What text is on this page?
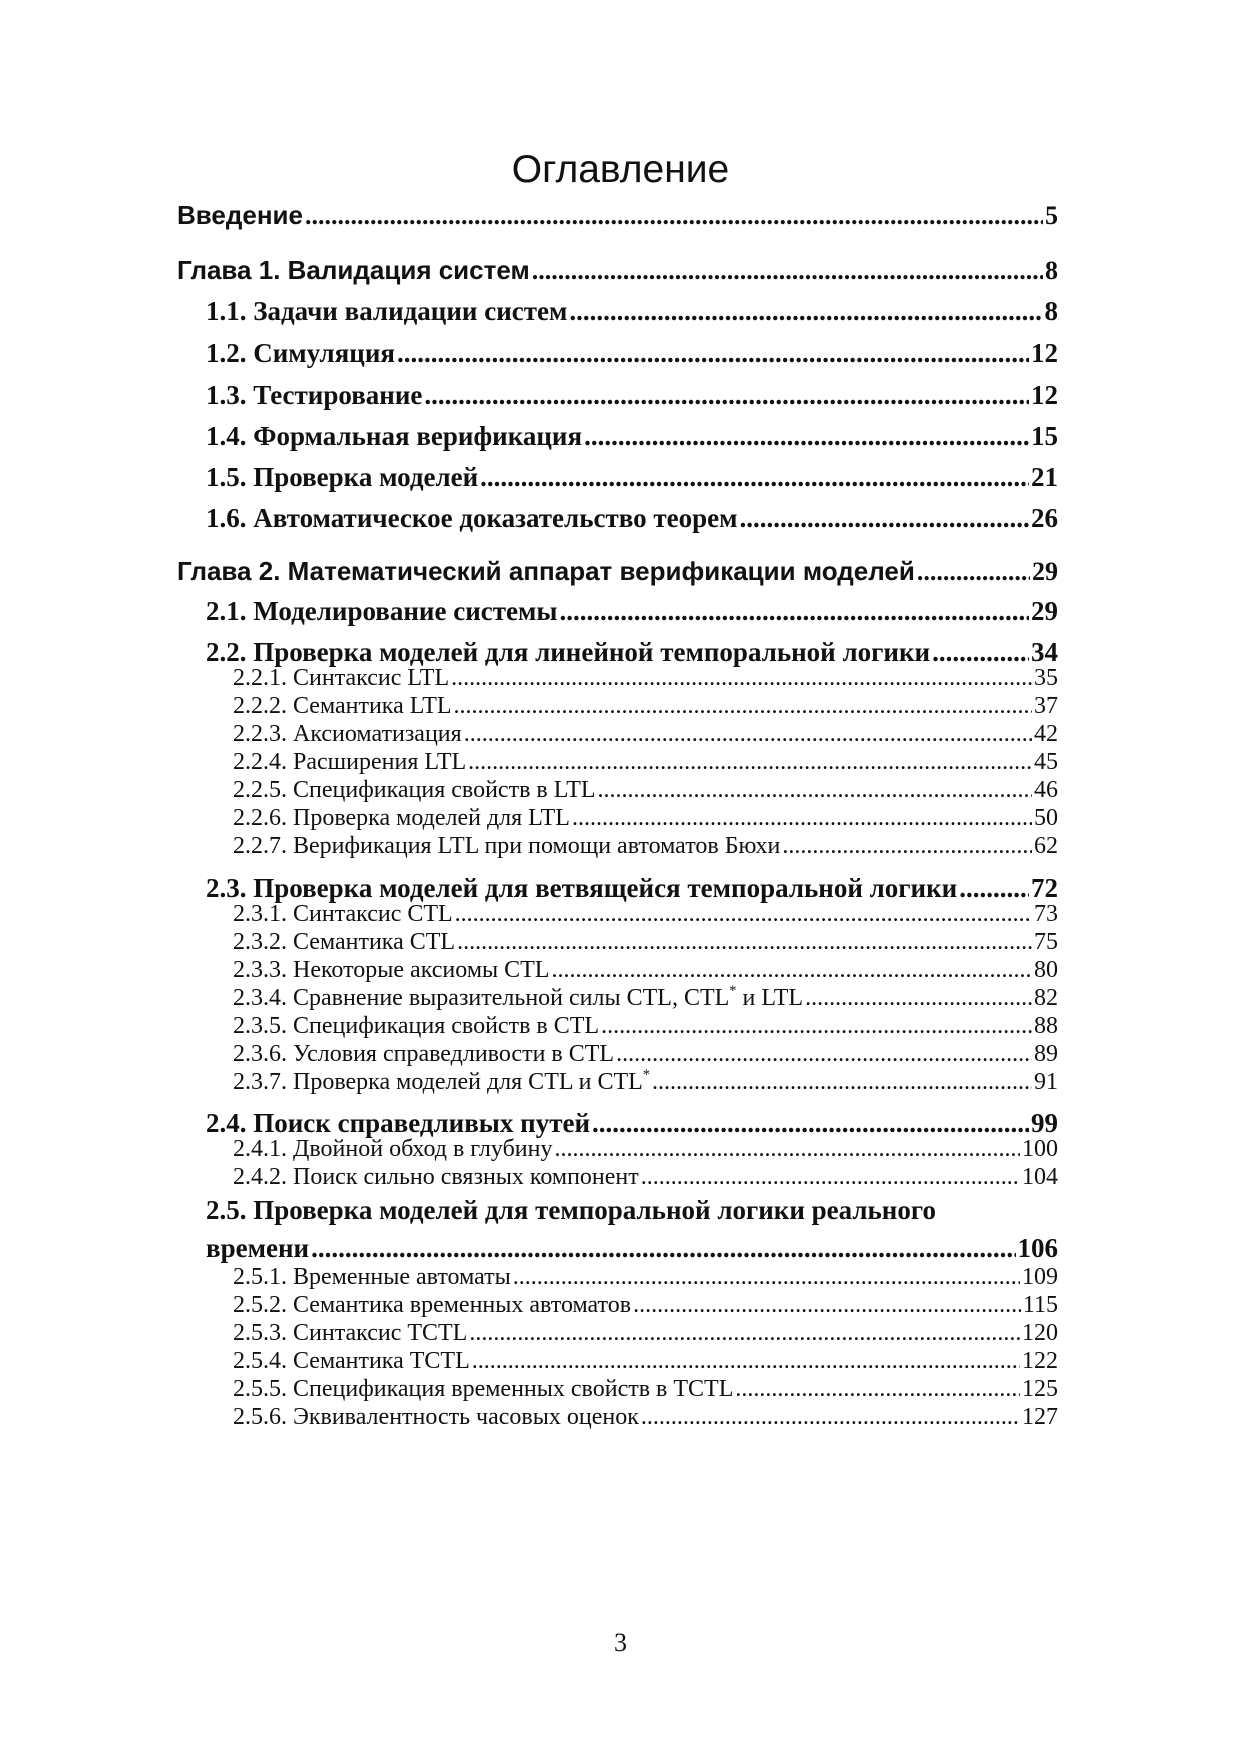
Оглавление
Введение .....	5
Глава 1. Валидация систем .....	8
1.1. Задачи валидации систем .....	8
1.2. Симуляция .....	12
1.3. Тестирование .....	12
1.4. Формальная верификация .....	15
1.5. Проверка моделей .....	21
1.6. Автоматическое доказательство теорем .....	26
Глава 2. Математический аппарат верификации моделей .....	29
2.1. Моделирование системы .....	29
2.2. Проверка моделей для линейной темпоральной логики .....	34
2.2.1. Синтаксис LTL .....	35
2.2.2. Семантика LTL .....	37
2.2.3. Аксиоматизация .....	42
2.2.4. Расширения LTL .....	45
2.2.5. Спецификация свойств в LTL .....	46
2.2.6. Проверка моделей для LTL .....	50
2.2.7. Верификация LTL при помощи автоматов Бюхи .....	62
2.3. Проверка моделей для ветвящейся темпоральной логики .....	72
2.3.1. Синтаксис CTL .....	73
2.3.2. Семантика CTL .....	75
2.3.3. Некоторые аксиомы CTL .....	80
2.3.4. Сравнение выразительной силы CTL, CTL* и LTL .....	82
2.3.5. Спецификация свойств в CTL .....	88
2.3.6. Условия справедливости в CTL .....	89
2.3.7. Проверка моделей для CTL и CTL* .....	91
2.4. Поиск справедливых путей .....	99
2.4.1. Двойной обход в глубину .....	100
2.4.2. Поиск сильно связных компонент .....	104
2.5. Проверка моделей для темпоральной логики реального
времени .....	106
2.5.1. Временные автоматы .....	109
2.5.2. Семантика временных автоматов .....	115
2.5.3. Синтаксис TCTL .....	120
2.5.4. Семантика TCTL .....	122
2.5.5. Спецификация временных свойств в TCTL .....	125
2.5.6. Эквивалентность часовых оценок .....	127
3
